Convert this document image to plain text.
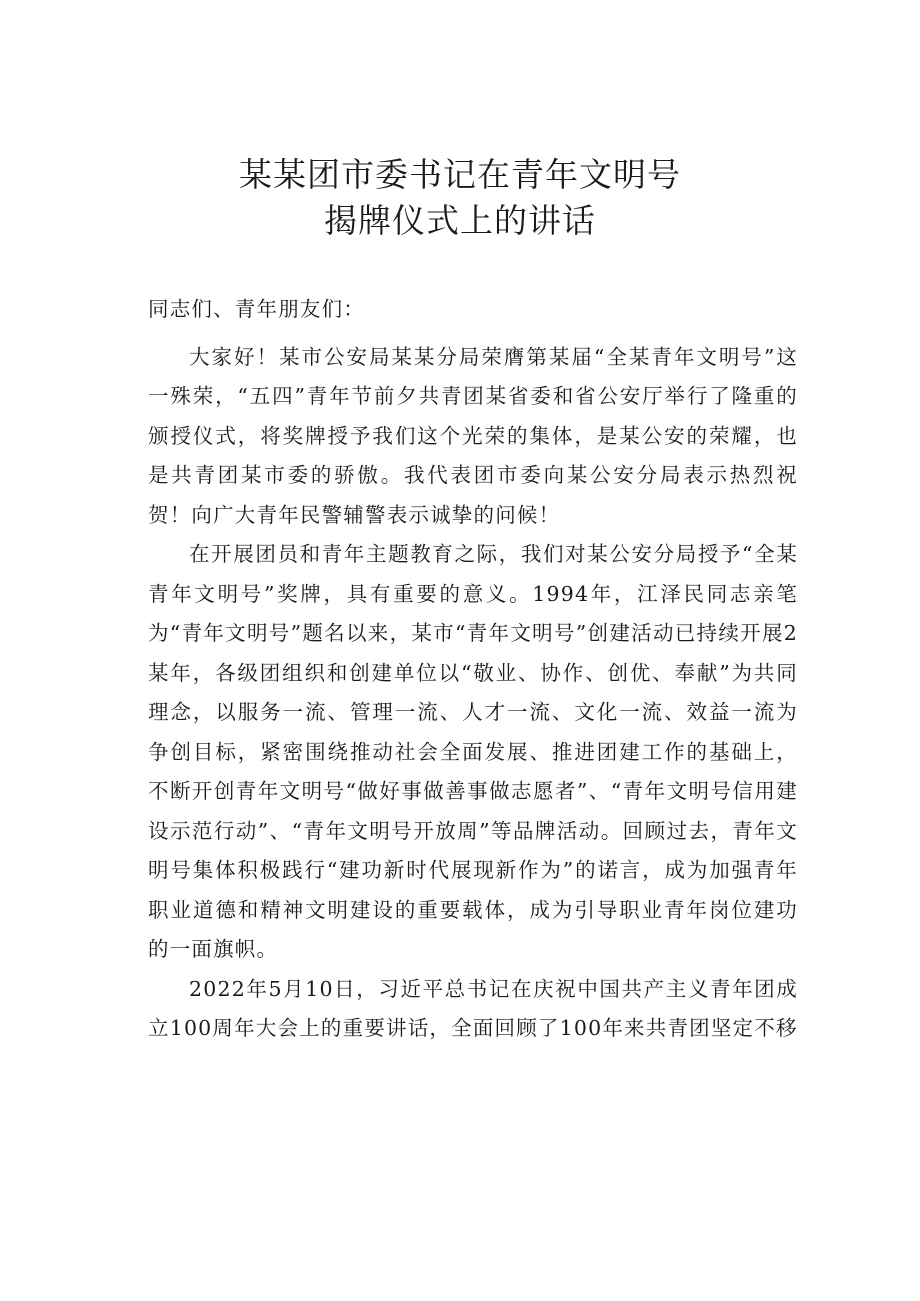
某某团市委书记在青年文明号
揭牌仪式上的讲话

同志们、青年朋友们：

大家好！某市公安局某某分局荣膺第某届“全某青年文明号”这一殊荣，“五四”青年节前夕共青团某省委和省公安厅举行了隆重的颁授仪式，将奖牌授予我们这个光荣的集体，是某公安的荣耀，也是共青团某市委的骄傲。我代表团市委向某公安分局表示热烈祝贺！向广大青年民警辅警表示诚挚的问候！

在开展团员和青年主题教育之际，我们对某公安分局授予“全某青年文明号”奖牌，具有重要的意义。1994年，江泽民同志亲笔为“青年文明号”题名以来，某市“青年文明号”创建活动已持续开展2某年，各级团组织和创建单位以“敬业、协作、创优、奉献”为共同理念，以服务一流、管理一流、人才一流、文化一流、效益一流为争创目标，紧密围绕推动社会全面发展、推进团建工作的基础上，不断开创青年文明号“做好事做善事做志愿者”、“青年文明号信用建设示范行动”、“青年文明号开放周”等品牌活动。回顾过去，青年文明号集体积极践行“建功新时代展现新作为”的诺言，成为加强青年职业道德和精神文明建设的重要载体，成为引导职业青年岗位建功的一面旗帜。

2022年5月10日，习近平总书记在庆祝中国共产主义青年团成立100周年大会上的重要讲话，全面回顾了100年来共青团坚定不移
